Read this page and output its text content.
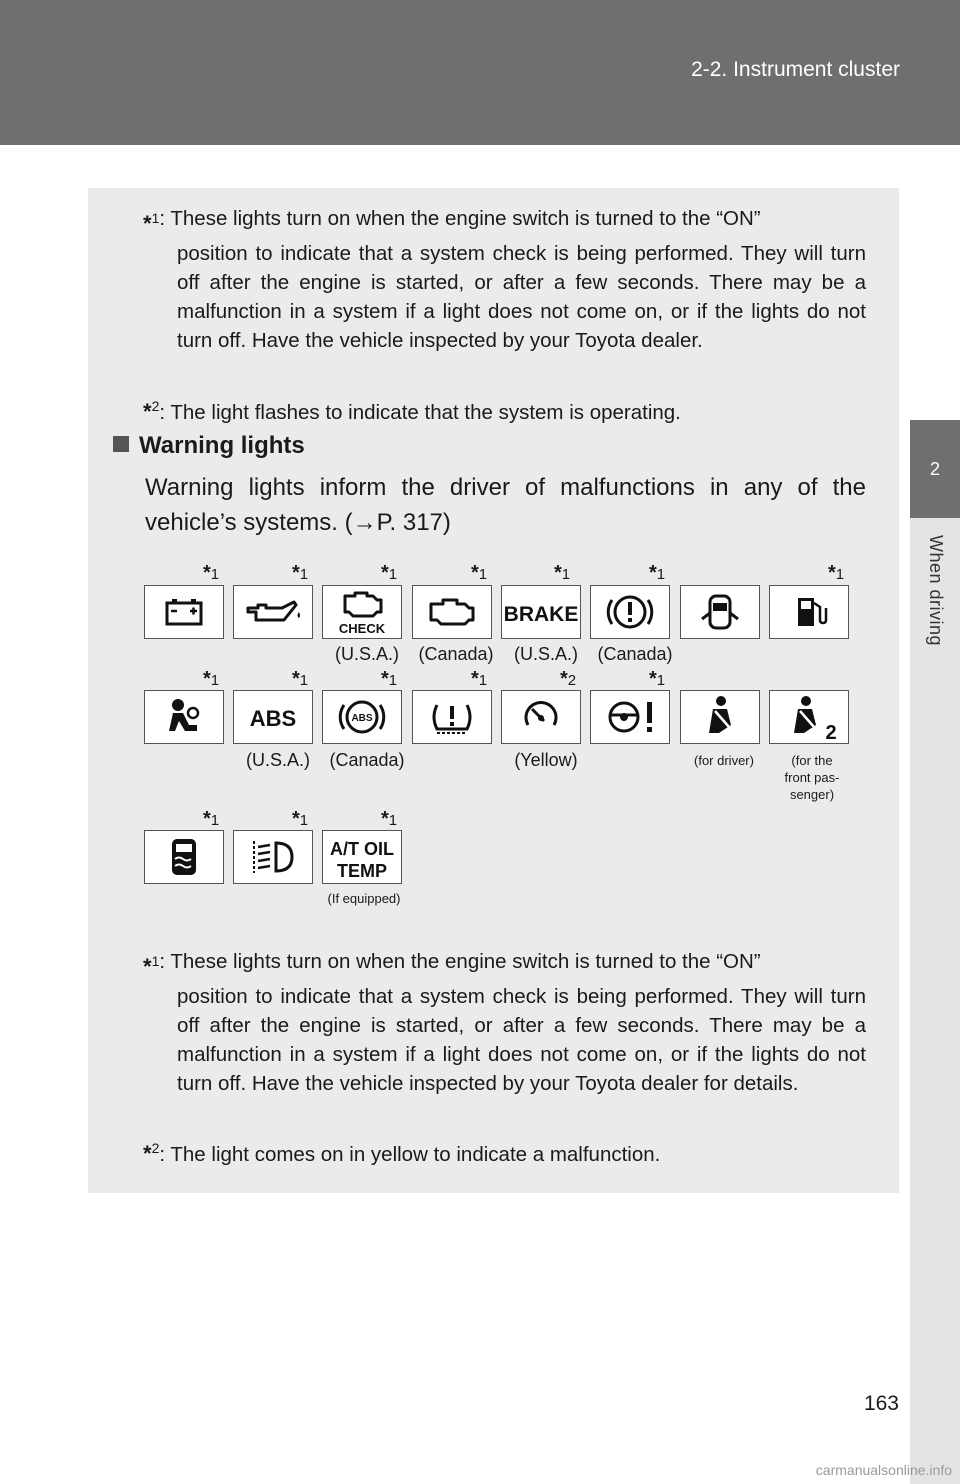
2-2. Instrument cluster
2
When driving
*$^1$ : These lights turn on when the engine switch is turned to the “ON”
position to indicate that a system check is being performed. They will turn off after the engine is started, or after a few seconds. There may be a malfunction in a system if a light does not come on, or if the lights do not turn off. Have the vehicle inspected by your Toyota dealer.
*$^2$: The light flashes to indicate that the system is operating.
Warning lights
Warning lights inform the driver of malfunctions in any of the vehicle’s systems. (→P. 317)
*1	*1	*1	*1	*1	*1	*1
CHECK
BRAKE
(U.S.A.)	(Canada)	(U.S.A.)	(Canada)
*1	*1	*1	*1	*2	*1
ABS	ABS
2
(U.S.A.)	(Canada)	(Yellow)	(for driver)	(for the
front pas-
senger)
*1	*1	*1
A/T OIL
TEMP
(If equipped)
*$^1$ : These lights turn on when the engine switch is turned to the “ON”
position to indicate that a system check is being performed. They will turn off after the engine is started, or after a few seconds. There may be a malfunction in a system if a light does not come on, or if the lights do not turn off. Have the vehicle inspected by your Toyota dealer for details.
*$^2$: The light comes on in yellow to indicate a malfunction.
163
carmanualsonline.info
